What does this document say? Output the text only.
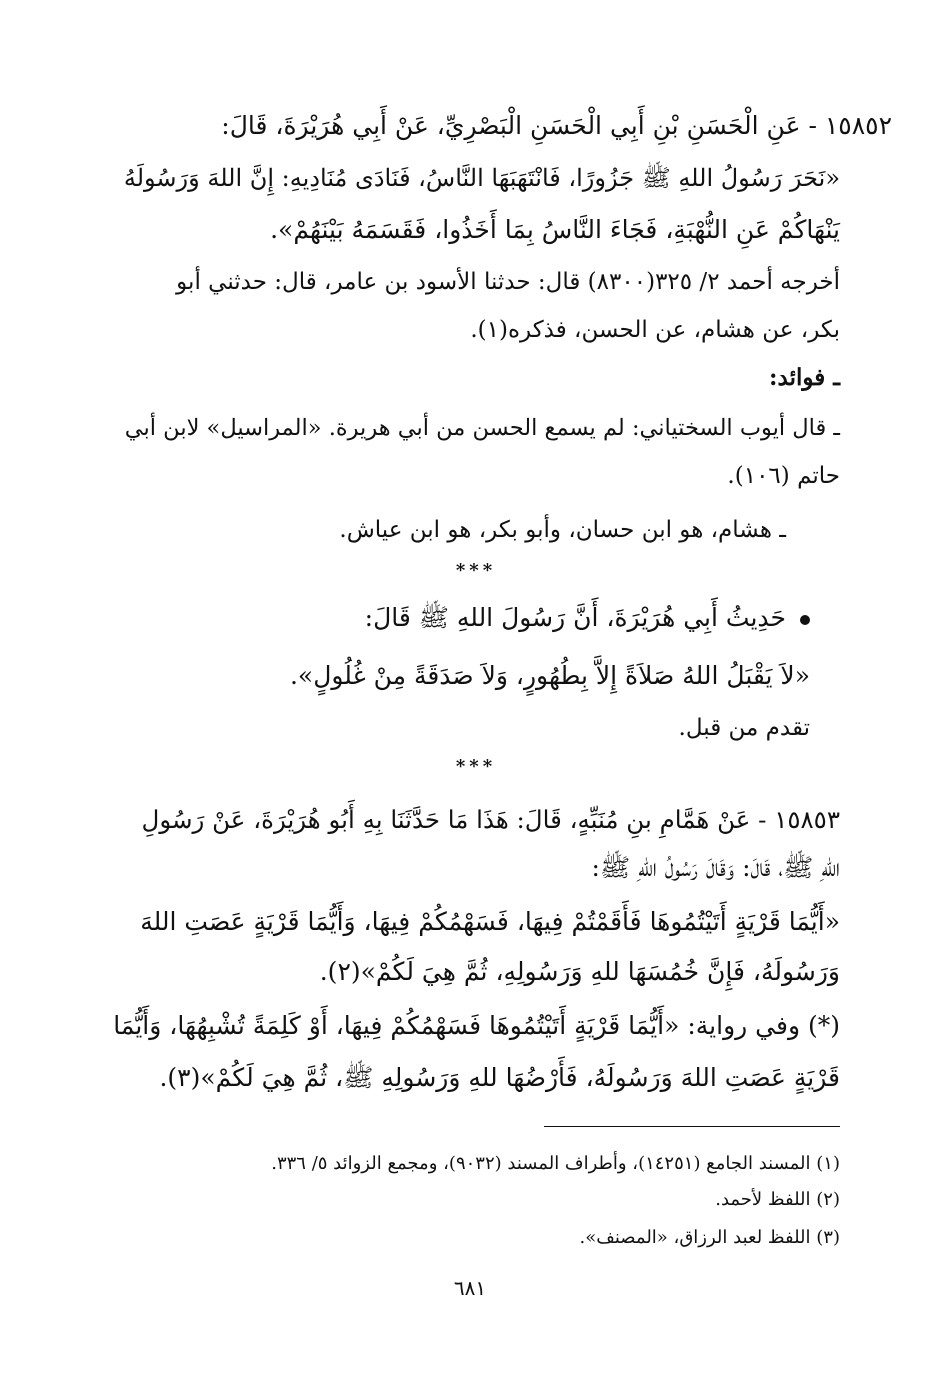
١٥٨٥٢ - عَنِ الْحَسَنِ بْنِ أَبِي الْحَسَنِ الْبَصْرِيِّ، عَنْ أَبِي هُرَيْرَةَ، قَالَ:
«نَحَرَ رَسُولُ اللهِ ﷺ جَزُورًا، فَانْتَهَبَهَا النَّاسُ، فَنَادَى مُنَادِيهِ: إِنَّ اللهَ وَرَسُولَهُ
يَنْهَاكُمْ عَنِ النُّهْبَةِ، فَجَاءَ النَّاسُ بِمَا أَخَذُوا، فَقَسَمَهُ بَيْنَهُمْ».
أخرجه أحمد ٢/ ٣٢٥(٨٣٠٠) قال: حدثنا الأسود بن عامر، قال: حدثني أبو
بكر، عن هشام، عن الحسن، فذكره(١).
ـ فوائد:
ـ قال أيوب السختياني: لم يسمع الحسن من أبي هريرة. «المراسيل» لابن أبي
حاتم (١٠٦).
ـ هشام، هو ابن حسان، وأبو بكر، هو ابن عياش.
***
حَدِيثُ أَبِي هُرَيْرَةَ، أَنَّ رَسُولَ اللهِ ﷺ قَالَ:
«لاَ يَقْبَلُ اللهُ صَلاَةً إِلاَّ بِطُهُورٍ، وَلاَ صَدَقَةً مِنْ غُلُولٍ».
تقدم من قبل.
***
١٥٨٥٣ - عَنْ هَمَّامِ بنِ مُنَبِّهٍ، قَالَ: هَذَا مَا حَدَّثَنَا بِهِ أَبُو هُرَيْرَةَ، عَنْ رَسُولِ
اللهِ ﷺ، قَالَ: وَقَالَ رَسُولُ اللهِ ﷺ:
«أَيُّمَا قَرْيَةٍ أَتَيْتُمُوهَا فَأَقَمْتُمْ فِيهَا، فَسَهْمُكُمْ فِيهَا، وَأَيُّمَا قَرْيَةٍ عَصَتِ اللهَ
وَرَسُولَهُ، فَإِنَّ خُمُسَهَا للهِ وَرَسُولِهِ، ثُمَّ هِيَ لَكُمْ»(٢).
(*) وفي رواية: «أَيُّمَا قَرْيَةٍ أَتَيْتُمُوهَا فَسَهْمُكُمْ فِيهَا، أَوْ كَلِمَةً تُشْبِهُهَا، وَأَيُّمَا
قَرْيَةٍ عَصَتِ اللهَ وَرَسُولَهُ، فَأَرْضُهَا للهِ وَرَسُولِهِ ﷺ، ثُمَّ هِيَ لَكُمْ»(٣).
(١) المسند الجامع (١٤٢٥١)، وأطراف المسند (٩٠٣٢)، ومجمع الزوائد ٥/ ٣٣٦.
(٢) اللفظ لأحمد.
(٣) اللفظ لعبد الرزاق، «المصنف».
٦٨١
